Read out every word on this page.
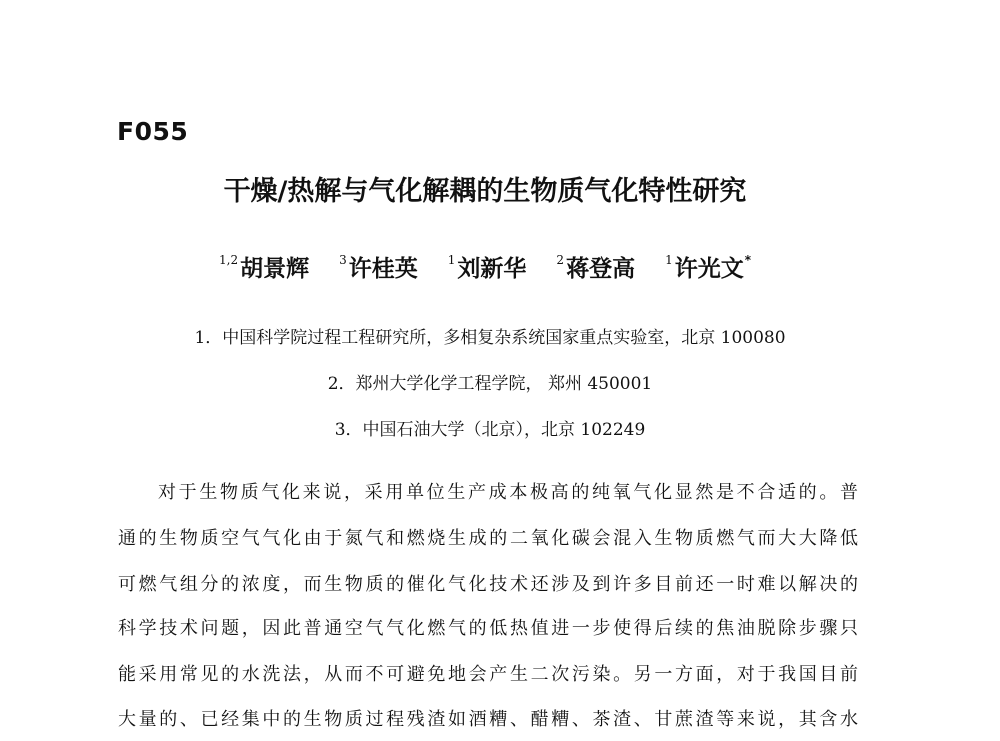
F055
干燥/热解与气化解耦的生物质气化特性研究
$^{1,2}$胡景辉	$^3$许桂英	$^1$刘新华	$^2$蒋登高	$^1$许光文*
1．中国科学院过程工程研究所，多相复杂系统国家重点实验室，北京 100080
2．郑州大学化学工程学院， 郑州 450001
3．中国石油大学（北京），北京 102249
对于生物质气化来说，采用单位生产成本极高的纯氧气化显然是不合适的。普
通的生物质空气气化由于氮气和燃烧生成的二氧化碳会混入生物质燃气而大大降低
可燃气组分的浓度，而生物质的催化气化技术还涉及到许多目前还一时难以解决的
科学技术问题，因此普通空气气化燃气的低热值进一步使得后续的焦油脱除步骤只
能采用常见的水洗法，从而不可避免地会产生二次污染。另一方面，对于我国目前
大量的、已经集中的生物质过程残渣如酒糟、醋糟、茶渣、甘蔗渣等来说，其含水
